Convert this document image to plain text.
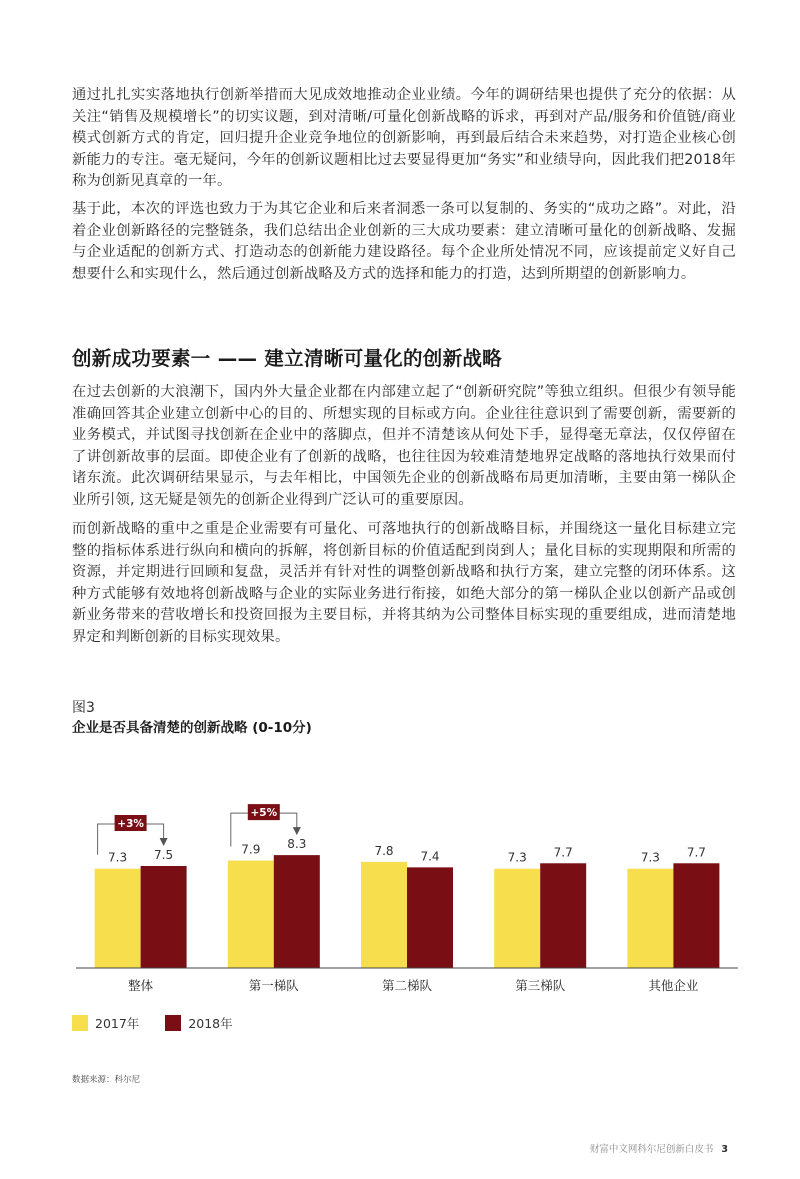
通过扎扎实实落地执行创新举措而大见成效地推动企业业绩。今年的调研结果也提供了充分的依据：从关注“销售及规模增长”的切实议题，到对清晰/可量化创新战略的诉求，再到对产品/服务和价值链/商业模式创新方式的肯定，回归提升企业竞争地位的创新影响，再到最后结合未来趋势，对打造企业核心创新能力的专注。毫无疑问，今年的创新议题相比过去要显得更加“务实”和业绩导向，因此我们把2018年称为创新见真章的一年。

基于此，本次的评选也致力于为其它企业和后来者洞悉一条可以复制的、务实的“成功之路”。对此，沿着企业创新路径的完整链条，我们总结出企业创新的三大成功要素：建立清晰可量化的创新战略、发掘与企业适配的创新方式、打造动态的创新能力建设路径。每个企业所处情况不同，应该提前定义好自己想要什么和实现什么，然后通过创新战略及方式的选择和能力的打造，达到所期望的创新影响力。

创新成功要素一 —— 建立清晰可量化的创新战略

在过去创新的大浪潮下，国内外大量企业都在内部建立起了“创新研究院”等独立组织。但很少有领导能准确回答其企业建立创新中心的目的、所想实现的目标或方向。企业往往意识到了需要创新，需要新的业务模式，并试图寻找创新在企业中的落脚点，但并不清楚该从何处下手，显得毫无章法，仅仅停留在了讲创新故事的层面。即使企业有了创新的战略，也往往因为较难清楚地界定战略的落地执行效果而付诸东流。此次调研结果显示，与去年相比，中国领先企业的创新战略布局更加清晰，主要由第一梯队企业所引领, 这无疑是领先的创新企业得到广泛认可的重要原因。

而创新战略的重中之重是企业需要有可量化、可落地执行的创新战略目标，并围绕这一量化目标建立完整的指标体系进行纵向和横向的拆解，将创新目标的价值适配到岗到人；量化目标的实现期限和所需的资源，并定期进行回顾和复盘，灵活并有针对性的调整创新战略和执行方案，建立完整的闭环体系。这种方式能够有效地将创新战略与企业的实际业务进行衔接，如绝大部分的第一梯队企业以创新产品或创新业务带来的营收增长和投资回报为主要目标，并将其纳为公司整体目标实现的重要组成，进而清楚地界定和判断创新的目标实现效果。

图3
企业是否具备清楚的创新战略 (0-10分)
7.3 7.5
整体
7.9 8.3
第一梯队
7.8 7.4
第二梯队
7.3 7.7
第三梯队
7.3 7.7
其他企业
+3%
+5%
2017年	2018年
数据来源：科尔尼
财富中文网科尔尼创新白皮书 3
